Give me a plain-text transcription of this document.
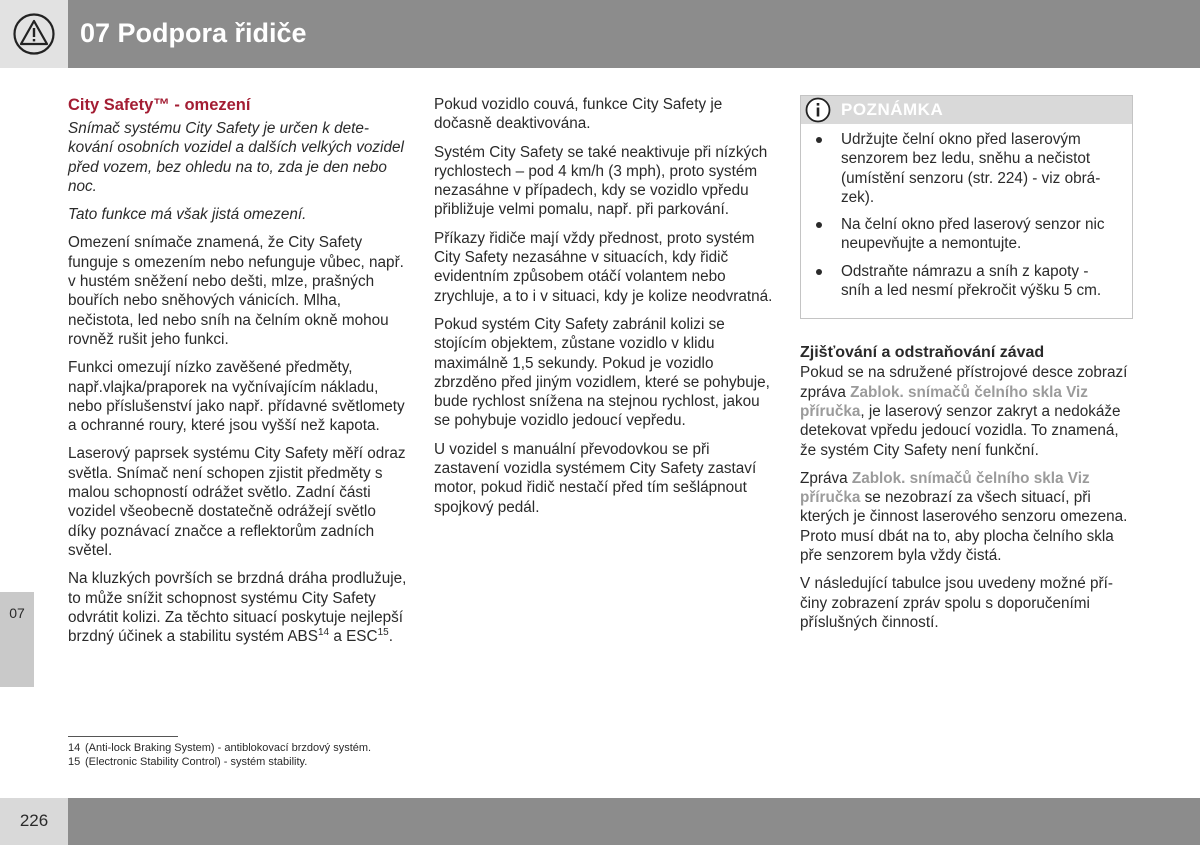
07 Podpora řidiče
City Safety™ - omezení

Snímač systému City Safety je určen k detekování osobních vozidel a dalších velkých vozidel před vozem, bez ohledu na to, zda je den nebo noc.

Tato funkce má však jistá omezení.

Omezení snímače znamená, že City Safety funguje s omezením nebo nefunguje vůbec, např. v hustém sněžení nebo dešti, mlze, prašných bouřích nebo sněhových vánicích. Mlha, nečistota, led nebo sníh na čelním okně mohou rovněž rušit jeho funkci.

Funkci omezují nízko zavěšené předměty, např.vlajka/praporek na vyčnívajícím nákladu, nebo příslušenství jako např. přídavné světlomety a ochranné roury, které jsou vyšší než kapota.

Laserový paprsek systému City Safety měří odraz světla. Snímač není schopen zjistit předměty s malou schopností odrážet světlo. Zadní části vozidel všeobecně dostatečně odrážejí světlo díky poznávací značce a reflektorům zadních světel.

Na kluzkých površích se brzdná dráha prodlužuje, to může snížit schopnost systému City Safety odvrátit kolizi. Za těchto situací poskytuje nejlepší brzdný účinek a stabilitu systém ABS$^{14}$ a ESC$^{15}$.

Pokud vozidlo couvá, funkce City Safety je dočasně deaktivována.

Systém City Safety se také neaktivuje při nízkých rychlostech – pod 4 km/h (3 mph), proto systém nezasáhne v případech, kdy se vozidlo vpředu přibližuje velmi pomalu, např. při parkování.

Příkazy řidiče mají vždy přednost, proto systém City Safety nezasáhne v situacích, kdy řidič evidentním způsobem otáčí volantem nebo zrychluje, a to i v situaci, kdy je kolize neodvratná.

Pokud systém City Safety zabránil kolizi se stojícím objektem, zůstane vozidlo v klidu maximálně 1,5 sekundy. Pokud je vozidlo zbrzděno před jiným vozidlem, které se pohybuje, bude rychlost snížena na stejnou rychlost, jakou se pohybuje vozidlo jedoucí vepředu.

U vozidel s manuální převodovkou se při zastavení vozidla systémem City Safety zastaví motor, pokud řidič nestačí před tím sešlápnout spojkový pedál.

POZNÁMKA
Udržujte čelní okno před laserovým senzorem bez ledu, sněhu a nečistot (umístění senzoru (str. 224) - viz obrázek).
Na čelní okno před laserový senzor nic neupevňujte a nemontujte.
Odstraňte námrazu a sníh z kapoty - sníh a led nesmí překročit výšku 5 cm.
Zjišťování a odstraňování závad

Pokud se na sdružené přístrojové desce zobrazí zpráva Zablok. snímačů čelního skla Viz příručka, je laserový senzor zakryt a nedokáže detekovat vpředu jedoucí vozidla. To znamená, že systém City Safety není funkční.

Zpráva Zablok. snímačů čelního skla Viz příručka se nezobrazí za všech situací, při kterých je činnost laserového senzoru omezena. Proto musí dbát na to, aby plocha čelního skla pře senzorem byla vždy čistá.

V následující tabulce jsou uvedeny možné příčiny zobrazení zpráv spolu s doporučeními příslušných činností.

07
14 (Anti-lock Braking System) - antiblokovací brzdový systém.
15 (Electronic Stability Control) - systém stability.
226
